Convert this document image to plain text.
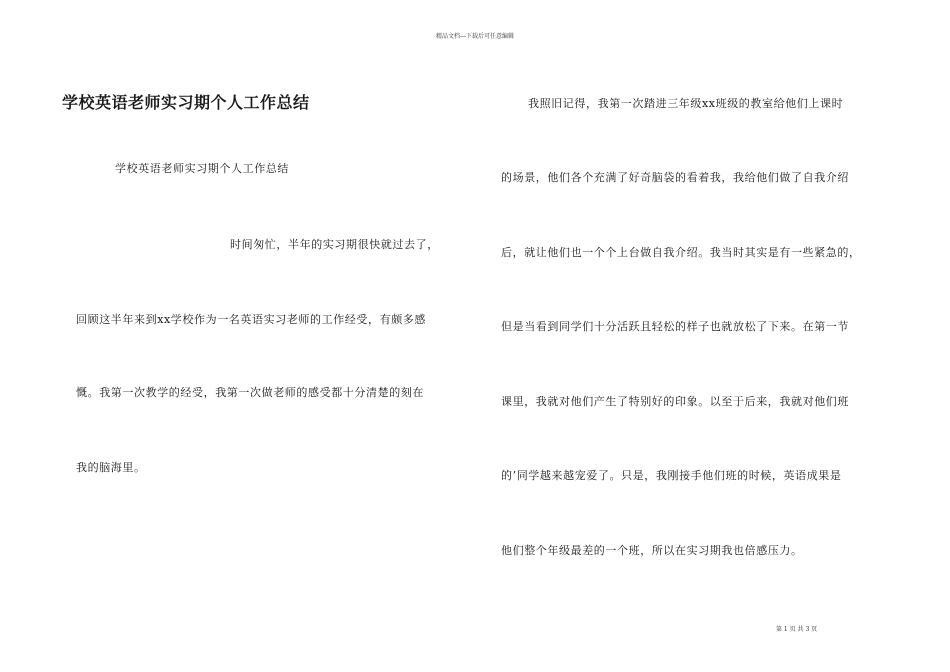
精品文档---下载后可任意编辑
学校英语老师实习期个人工作总结
学校英语老师实习期个人工作总结
时间匆忙，半年的实习期很快就过去了，
回顾这半年来到xx学校作为一名英语实习老师的工作经受，有颇多感
慨。我第一次教学的经受，我第一次做老师的感受都十分清楚的刻在
我的脑海里。
我照旧记得，我第一次踏进三年级xx班级的教室给他们上课时
的场景，他们各个充满了好奇脑袋的看着我，我给他们做了自我介绍
后，就让他们也一个个上台做自我介绍。我当时其实是有一些紧急的，
但是当看到同学们十分活跃且轻松的样子也就放松了下来。在第一节
课里，我就对他们产生了特别好的印象。以至于后来，我就对他们班
的’同学越来越宠爱了。只是，我刚接手他们班的时候，英语成果是
他们整个年级最差的一个班，所以在实习期我也倍感压力。
第 1 页 共 3 页
